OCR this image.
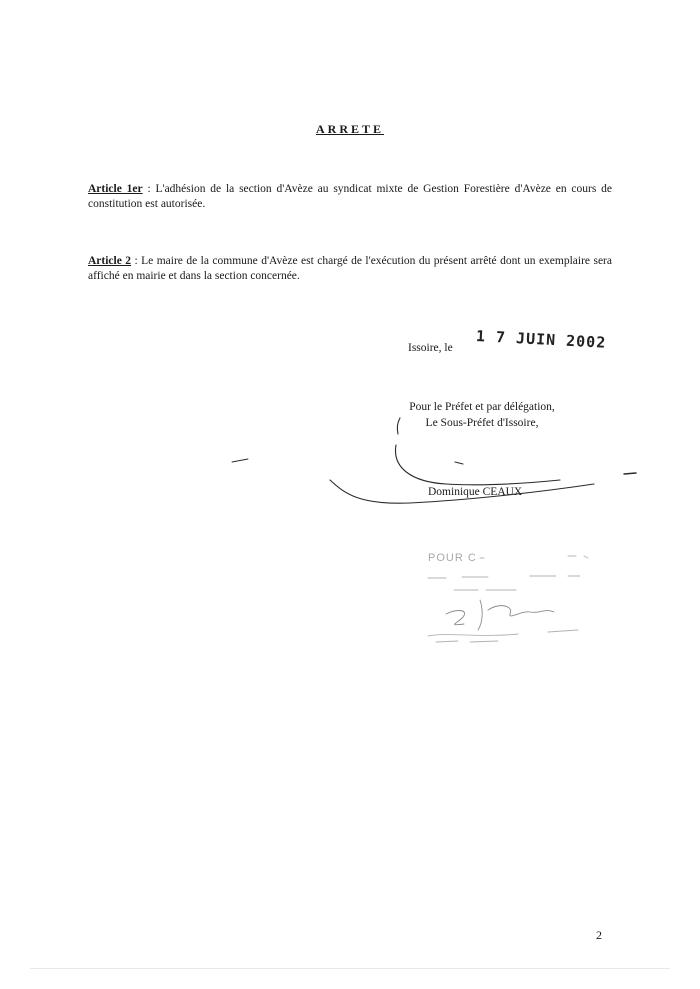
ARRETE

Article 1er : L'adhésion de la section d'Avèze au syndicat mixte de Gestion Forestière d'Avèze en cours de constitution est autorisée.

Article 2 : Le maire de la commune d'Avèze est chargé de l'exécution du présent arrêté dont un exemplaire sera affiché en mairie et dans la section concernée.

Issoire, le 1 7 JUIN 2002
Pour le Préfet et par délégation,
Le Sous-Préfet d'Issoire,
Dominique CEAUX
POUR C
2
